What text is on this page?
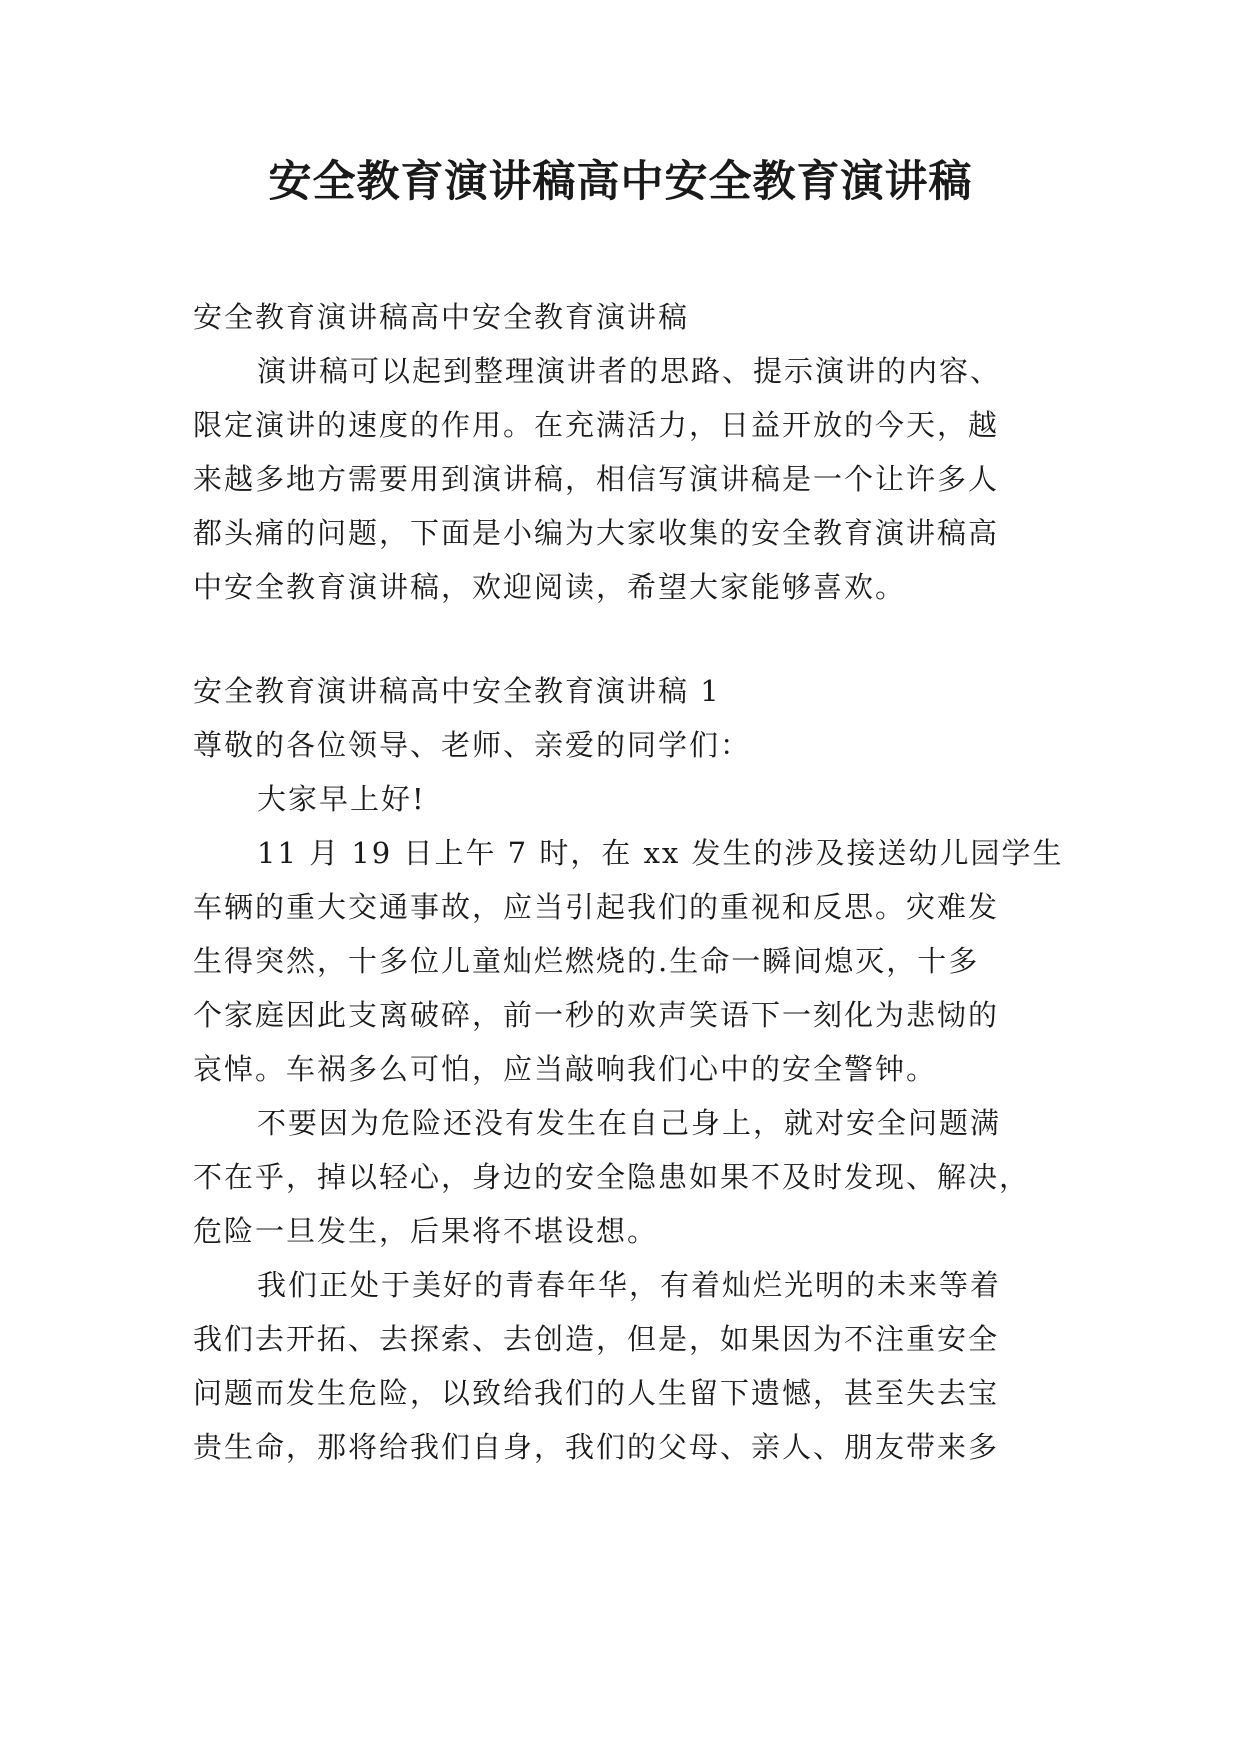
安全教育演讲稿高中安全教育演讲稿

安全教育演讲稿高中安全教育演讲稿

演讲稿可以起到整理演讲者的思路、提示演讲的内容、
限定演讲的速度的作用。在充满活力，日益开放的今天，越
来越多地方需要用到演讲稿，相信写演讲稿是一个让许多人
都头痛的问题，下面是小编为大家收集的安全教育演讲稿高
中安全教育演讲稿，欢迎阅读，希望大家能够喜欢。

安全教育演讲稿高中安全教育演讲稿 1

尊敬的各位领导、老师、亲爱的同学们：

大家早上好!

11 月 19 日上午 7 时，在 xx 发生的涉及接送幼儿园学生
车辆的重大交通事故，应当引起我们的重视和反思。灾难发
生得突然，十多位儿童灿烂燃烧的.生命一瞬间熄灭，十多
个家庭因此支离破碎，前一秒的欢声笑语下一刻化为悲恸的
哀悼。车祸多么可怕，应当敲响我们心中的安全警钟。

不要因为危险还没有发生在自己身上，就对安全问题满
不在乎，掉以轻心，身边的安全隐患如果不及时发现、解决，
危险一旦发生，后果将不堪设想。

我们正处于美好的青春年华，有着灿烂光明的未来等着
我们去开拓、去探索、去创造，但是，如果因为不注重安全
问题而发生危险，以致给我们的人生留下遗憾，甚至失去宝
贵生命，那将给我们自身，我们的父母、亲人、朋友带来多
